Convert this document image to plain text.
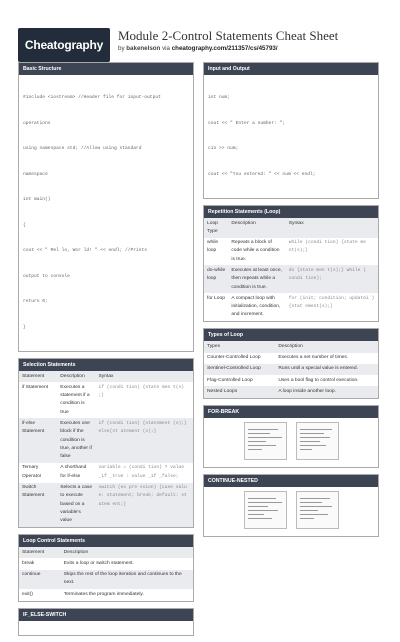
Cheatography
Module 2-Control Statements Cheat Sheet
by bakenelson via cheatography.com/211357/cs/45793/
Basic Structure

#include <iostream> //Header file for input-output

operations

using namespace std; //Allow using standard

namespace

int main()

{

cout << " Mel lo, Wor ld! " << endl; //Prints

output to console

return 0;

}

Selection Statements
Statement	Description	Syntax
if Statement	Executes a statement if a condition is true	if (condi tion) {state men t(s) ;}
if-else Statement	Executes one block if the condition is true, another if false	if (condi tion) {statement (s);} else{st atement (s);}
Ternary Operator	A shorthand for if-else	variable = (condi tion) ? value _if _true : value _if _false;
Switch Statement	Selects a case to execute based on a variable's value	switch (ex pre ssion) {case valu e: statement; break; default: st atem ent;}
Loop Control Statements
Statement	Description
break	Exits a loop or switch statement.
continue	Skips the rest of the loop iteration and continues to the next.
exit()	Terminates the program immediately.
IF_ELSE-SWITCH
Input and Output

int num;

cout << " Enter a number: ";

cin >> num;

cout << "You entered: " << num << endl;

Repetition Statements (Loop)
Loop Type	Description	Syntax
while loop	Repeats a block of code while a condition is true.	while (condi tion) {state me nt(s);}
do-while loop	Executes at least once, then repeats while a condition is true.	do {state men t(s);} while ( condi tion);
for Loop	A compact loop with initialization, condition, and increment.	for (init; condition; updatei ) {stat ement(s);}
Types of Loop
Types	Description
Counter-Controlled Loop	Executes a set number of times.
Sentinel-Controlled Loop	Runs until a special value is entered.
Flag-Controlled Loop	Uses a bool flag to control execution.
Nested Loops	A loop inside another loop.
FOR-BREAK
CONTINUE-NESTED
